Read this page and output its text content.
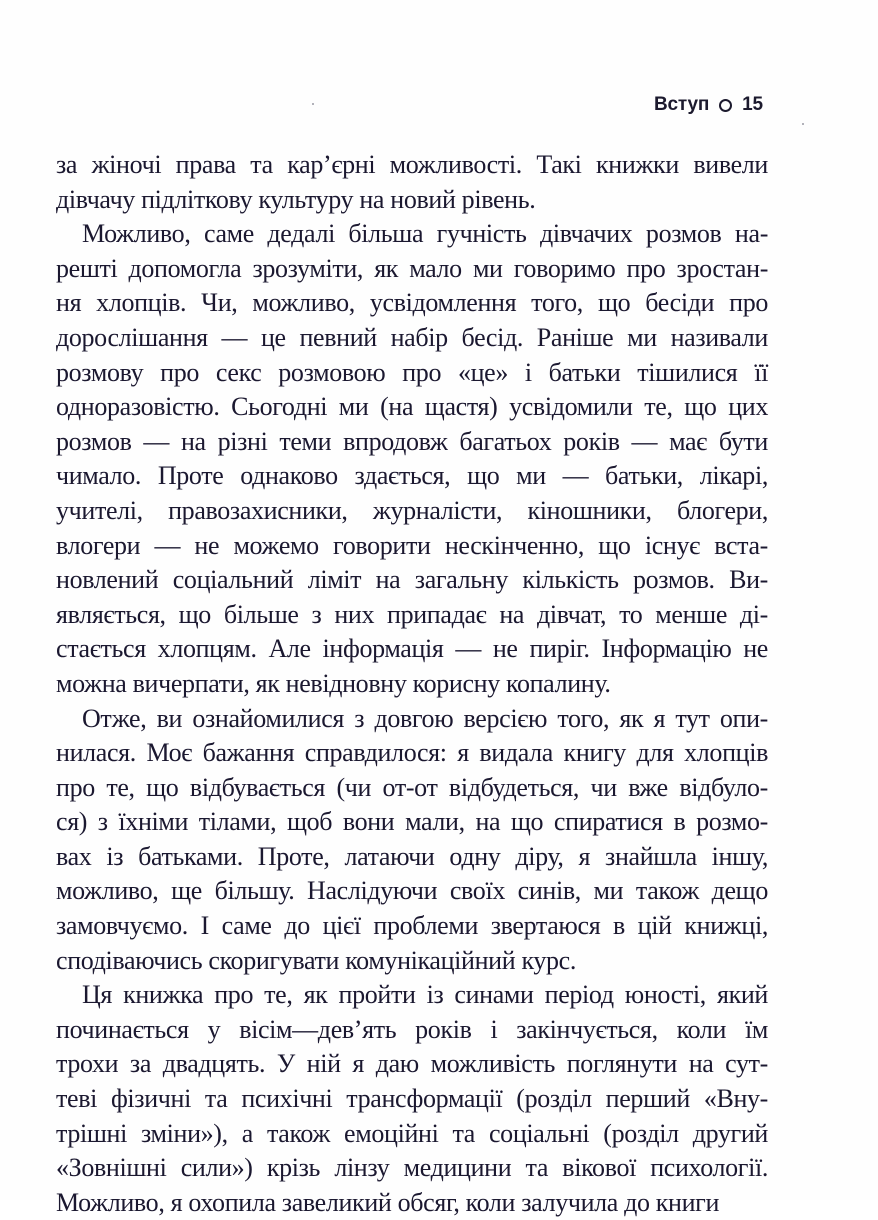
Вступ 15

за жіночі права та кар’єрні можливості. Такі книжки вивели
дівчачу підліткову культуру на новий рівень.

Можливо, саме дедалі більша гучність дівчачих розмов на-
решті допомогла зрозуміти, як мало ми говоримо про зростан-
ня хлопців. Чи, можливо, усвідомлення того, що бесіди про
дорослішання — це певний набір бесід. Раніше ми називали
розмову про секс розмовою про «це» і батьки тішилися її
одноразовістю. Сьогодні ми (на щастя) усвідомили те, що цих
розмов — на різні теми впродовж багатьох років — має бути
чимало. Проте однаково здається, що ми — батьки, лікарі,
учителі, правозахисники, журналісти, кіношники, блогери,
влогери — не можемо говорити нескінченно, що існує вста-
новлений соціальний ліміт на загальну кількість розмов. Ви-
являється, що більше з них припадає на дівчат, то менше ді-
стається хлопцям. Але інформація — не пиріг. Інформацію не
можна вичерпати, як невідновну корисну копалину.

Отже, ви ознайомилися з довгою версією того, як я тут опи-
нилася. Моє бажання справдилося: я видала книгу для хлопців
про те, що відбувається (чи от-от відбудеться, чи вже відбуло-
ся) з їхніми тілами, щоб вони мали, на що спиратися в розмо-
вах із батьками. Проте, латаючи одну діру, я знайшла іншу,
можливо, ще більшу. Наслідуючи своїх синів, ми також дещо
замовчуємо. І саме до цієї проблеми звертаюся в цій книжці,
сподіваючись скоригувати комунікаційний курс.

Ця книжка про те, як пройти із синами період юності, який
починається у вісім—дев’ять років і закінчується, коли їм
трохи за двадцять. У ній я даю можливість поглянути на сут-
теві фізичні та психічні трансформації (розділ перший «Вну-
трішні зміни»), а також емоційні та соціальні (розділ другий
«Зовнішні сили») крізь лінзу медицини та вікової психології.
Можливо, я охопила завеликий обсяг, коли залучила до книги
